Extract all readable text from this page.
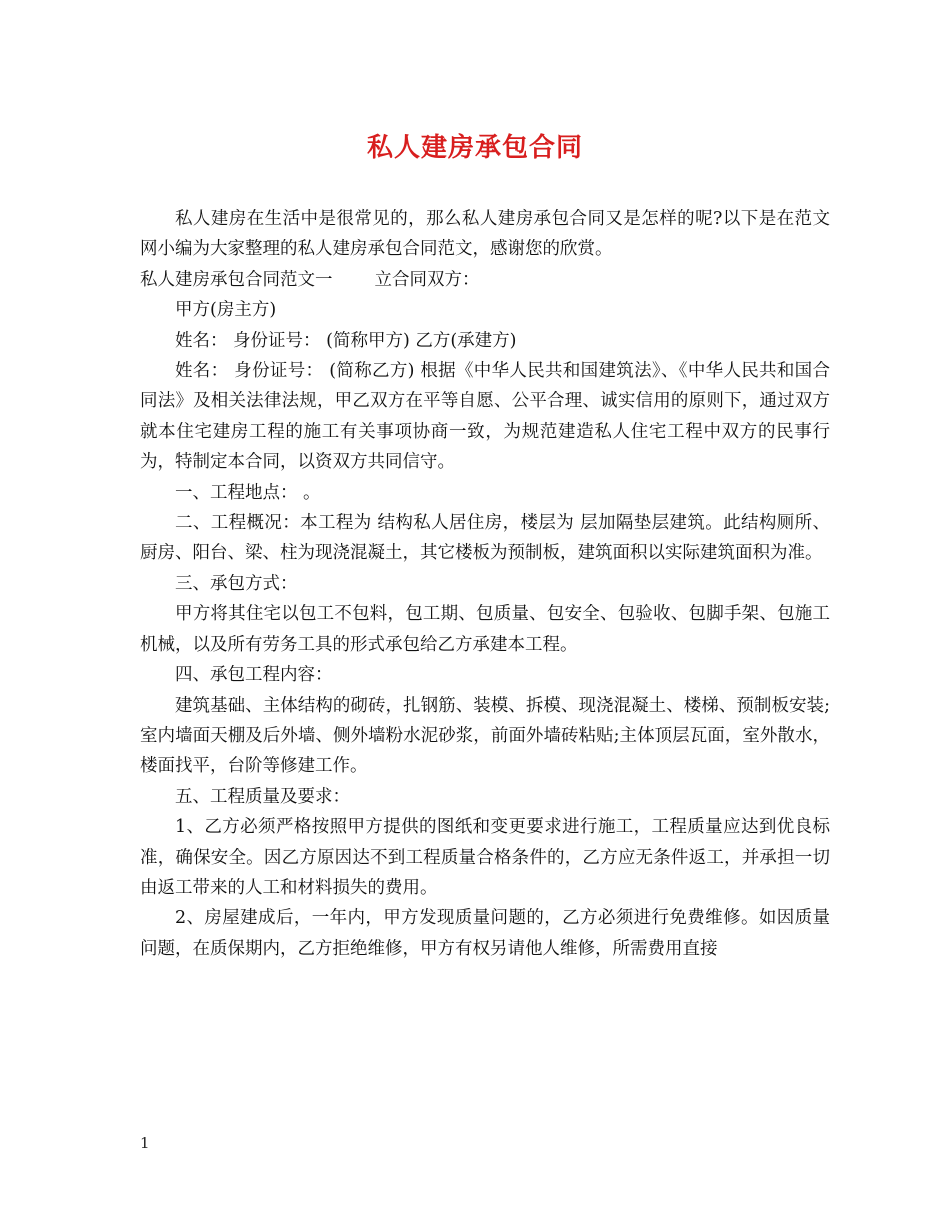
私人建房承包合同

私人建房在生活中是很常见的，那么私人建房承包合同又是怎样的呢?以下是在范文网小编为大家整理的私人建房承包合同范文，感谢您的欣赏。

私人建房承包合同范文一 立合同双方：

甲方(房主方)

姓名： 身份证号： (简称甲方) 乙方(承建方)

姓名： 身份证号： (简称乙方) 根据《中华人民共和国建筑法》、《中华人民共和国合同法》及相关法律法规，甲乙双方在平等自愿、公平合理、诚实信用的原则下，通过双方就本住宅建房工程的施工有关事项协商一致，为规范建造私人住宅工程中双方的民事行为，特制定本合同，以资双方共同信守。

一、工程地点： 。

二、工程概况：本工程为 结构私人居住房，楼层为 层加隔垫层建筑。此结构厕所、厨房、阳台、梁、柱为现浇混凝土，其它楼板为预制板，建筑面积以实际建筑面积为准。

三、承包方式：

甲方将其住宅以包工不包料，包工期、包质量、包安全、包验收、包脚手架、包施工机械，以及所有劳务工具的形式承包给乙方承建本工程。

四、承包工程内容：

建筑基础、主体结构的砌砖，扎钢筋、装模、拆模、现浇混凝土、楼梯、预制板安装;室内墙面天棚及后外墙、侧外墙粉水泥砂浆，前面外墙砖粘贴;主体顶层瓦面，室外散水，楼面找平，台阶等修建工作。

五、工程质量及要求：

1、乙方必须严格按照甲方提供的图纸和变更要求进行施工，工程质量应达到优良标准，确保安全。因乙方原因达不到工程质量合格条件的，乙方应无条件返工，并承担一切由返工带来的人工和材料损失的费用。

2、房屋建成后，一年内，甲方发现质量问题的，乙方必须进行免费维修。如因质量问题，在质保期内，乙方拒绝维修，甲方有权另请他人维修，所需费用直接

1
